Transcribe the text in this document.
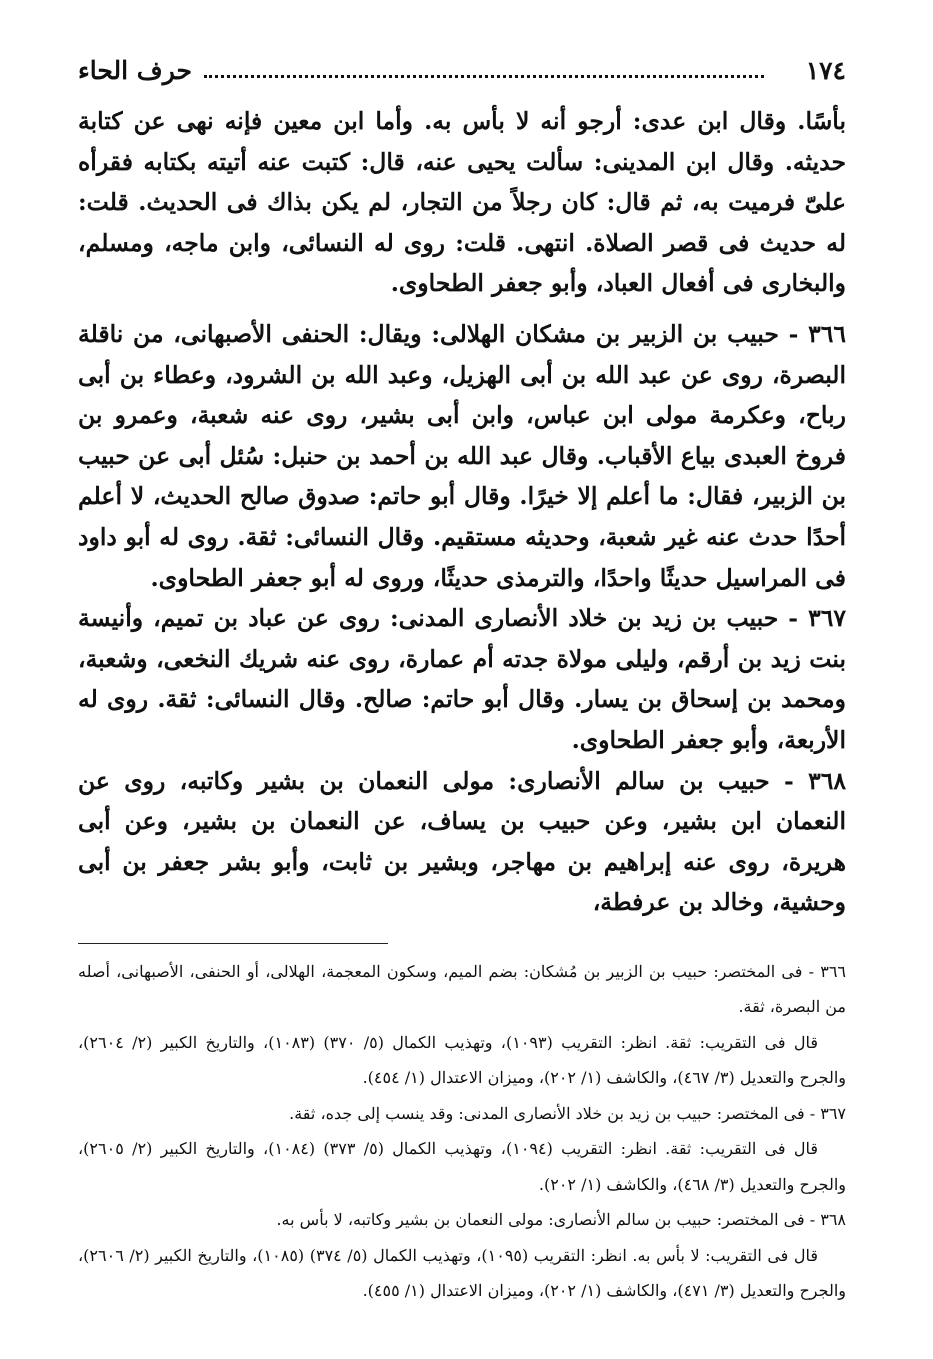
١٧٤
حرف الحاء

بأسًا. وقال ابن عدى: أرجو أنه لا بأس به. وأما ابن معين فإنه نهى عن كتابة حديثه. وقال ابن المدينى: سألت يحيى عنه، قال: كتبت عنه أتيته بكتابه فقرأه علىّ فرميت به، ثم قال: كان رجلاً من التجار، لم يكن بذاك فى الحديث. قلت: له حديث فى قصر الصلاة. انتهى. قلت: روى له النسائى، وابن ماجه، ومسلم، والبخارى فى أفعال العباد، وأبو جعفر الطحاوى.

٣٦٦ - حبيب بن الزبير بن مشكان الهلالى: ويقال: الحنفى الأصبهانى، من ناقلة البصرة، روى عن عبد الله بن أبى الهزيل، وعبد الله بن الشرود، وعطاء بن أبى رباح، وعكرمة مولى ابن عباس، وابن أبى بشير، روى عنه شعبة، وعمرو بن فروخ العبدى بياع الأقباب. وقال عبد الله بن أحمد بن حنبل: سُئل أبى عن حبيب بن الزبير، فقال: ما أعلم إلا خيرًا. وقال أبو حاتم: صدوق صالح الحديث، لا أعلم أحدًا حدث عنه غير شعبة، وحديثه مستقيم. وقال النسائى: ثقة. روى له أبو داود فى المراسيل حديثًا واحدًا، والترمذى حديثًا، وروى له أبو جعفر الطحاوى.

٣٦٧ - حبيب بن زيد بن خلاد الأنصارى المدنى: روى عن عباد بن تميم، وأنيسة بنت زيد بن أرقم، وليلى مولاة جدته أم عمارة، روى عنه شريك النخعى، وشعبة، ومحمد بن إسحاق بن يسار. وقال أبو حاتم: صالح. وقال النسائى: ثقة. روى له الأربعة، وأبو جعفر الطحاوى.

٣٦٨ - حبيب بن سالم الأنصارى: مولى النعمان بن بشير وكاتبه، روى عن النعمان ابن بشير، وعن حبيب بن يساف، عن النعمان بن بشير، وعن أبى هريرة، روى عنه إبراهيم بن مهاجر، وبشير بن ثابت، وأبو بشر جعفر بن أبى وحشية، وخالد بن عرفطة،

٣٦٦ - فى المختصر: حبيب بن الزبير بن مُشكان: بضم الميم، وسكون المعجمة، الهلالى، أو الحنفى، الأصبهانى، أصله من البصرة، ثقة.

قال فى التقريب: ثقة. انظر: التقريب (١٠٩٣)، وتهذيب الكمال (٥/ ٣٧٠) (١٠٨٣)، والتاريخ الكبير (٢/ ٢٦٠٤)، والجرح والتعديل (٣/ ٤٦٧)، والكاشف (١/ ٢٠٢)، وميزان الاعتدال (١/ ٤٥٤).

٣٦٧ - فى المختصر: حبيب بن زيد بن خلاد الأنصارى المدنى: وقد ينسب إلى جده، ثقة.

قال فى التقريب: ثقة. انظر: التقريب (١٠٩٤)، وتهذيب الكمال (٥/ ٣٧٣) (١٠٨٤)، والتاريخ الكبير (٢/ ٢٦٠٥)، والجرح والتعديل (٣/ ٤٦٨)، والكاشف (١/ ٢٠٢).

٣٦٨ - فى المختصر: حبيب بن سالم الأنصارى: مولى النعمان بن بشير وكاتبه، لا بأس به.

قال فى التقريب: لا بأس به. انظر: التقريب (١٠٩٥)، وتهذيب الكمال (٥/ ٣٧٤) (١٠٨٥)، والتاريخ الكبير (٢/ ٢٦٠٦)، والجرح والتعديل (٣/ ٤٧١)، والكاشف (١/ ٢٠٢)، وميزان الاعتدال (١/ ٤٥٥).
